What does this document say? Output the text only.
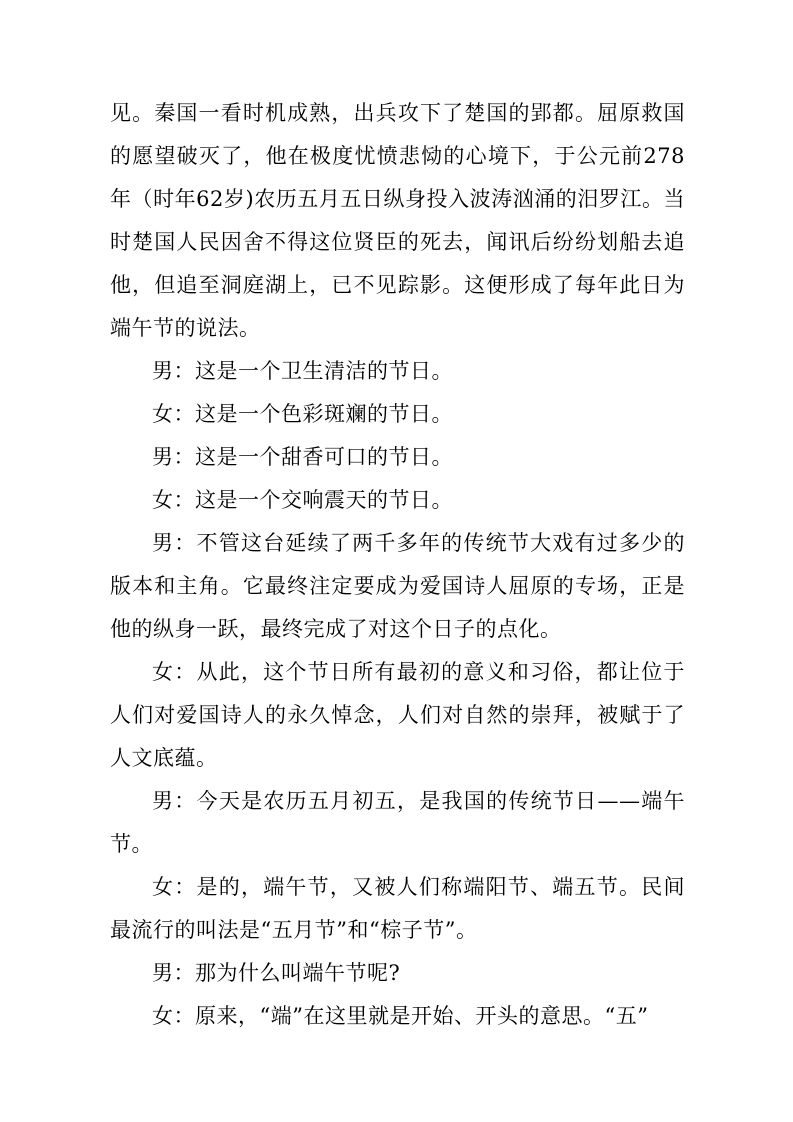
见。秦国一看时机成熟，出兵攻下了楚国的郢都。屈原救国的愿望破灭了，他在极度忧愤悲恸的心境下，于公元前278年（时年62岁)农历五月五日纵身投入波涛汹涌的汨罗江。当时楚国人民因舍不得这位贤臣的死去，闻讯后纷纷划船去追他，但追至洞庭湖上，已不见踪影。这便形成了每年此日为端午节的说法。

男：这是一个卫生清洁的节日。

女：这是一个色彩斑斓的节日。

男：这是一个甜香可口的节日。

女：这是一个交响震天的节日。

男：不管这台延续了两千多年的传统节大戏有过多少的版本和主角。它最终注定要成为爱国诗人屈原的专场，正是他的纵身一跃，最终完成了对这个日子的点化。

女：从此，这个节日所有最初的意义和习俗，都让位于人们对爱国诗人的永久悼念，人们对自然的崇拜，被赋于了人文底蕴。

男：今天是农历五月初五，是我国的传统节日——端午节。

女：是的，端午节，又被人们称端阳节、端五节。民间最流行的叫法是“五月节”和“棕子节”。

男：那为什么叫端午节呢?

女：原来，“端”在这里就是开始、开头的意思。“五”
